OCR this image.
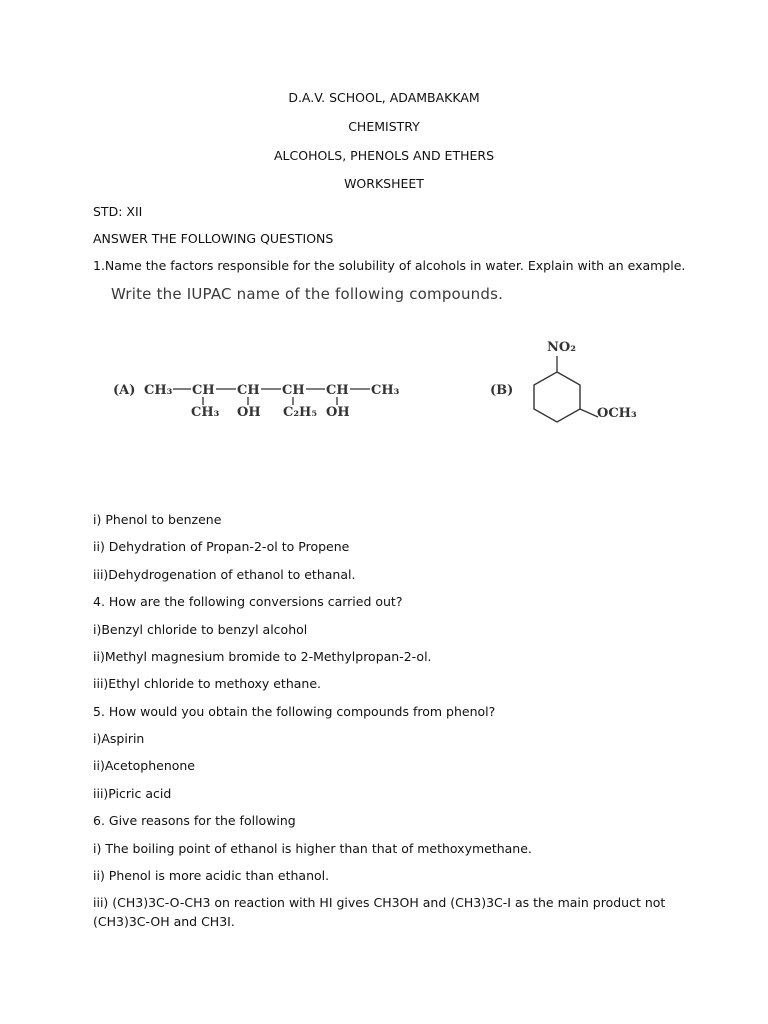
D.A.V. SCHOOL, ADAMBAKKAM
CHEMISTRY
ALCOHOLS, PHENOLS AND ETHERS
WORKSHEET
STD: XII
ANSWER THE FOLLOWING QUESTIONS
1.Name the factors responsible for the solubility of alcohols in water. Explain with an example.
Write the IUPAC name of the following compounds.
(A) CH₃ CH CH CH CH CH₃
CH₃ OH C₂H₅ OH
(B)
NO₂
OCH₃
i) Phenol to benzene
ii) Dehydration of Propan-2-ol to Propene
iii)Dehydrogenation of ethanol to ethanal.
4. How are the following conversions carried out?
i)Benzyl chloride to benzyl alcohol
ii)Methyl magnesium bromide to 2-Methylpropan-2-ol.
iii)Ethyl chloride to methoxy ethane.
5. How would you obtain the following compounds from phenol?
i)Aspirin
ii)Acetophenone
iii)Picric acid
6. Give reasons for the following
i) The boiling point of ethanol is higher than that of methoxymethane.
ii) Phenol is more acidic than ethanol.
iii) (CH3)3C-O-CH3 on reaction with HI gives CH3OH and (CH3)3C-I as the main product not (CH3)3C-OH and CH3I.
